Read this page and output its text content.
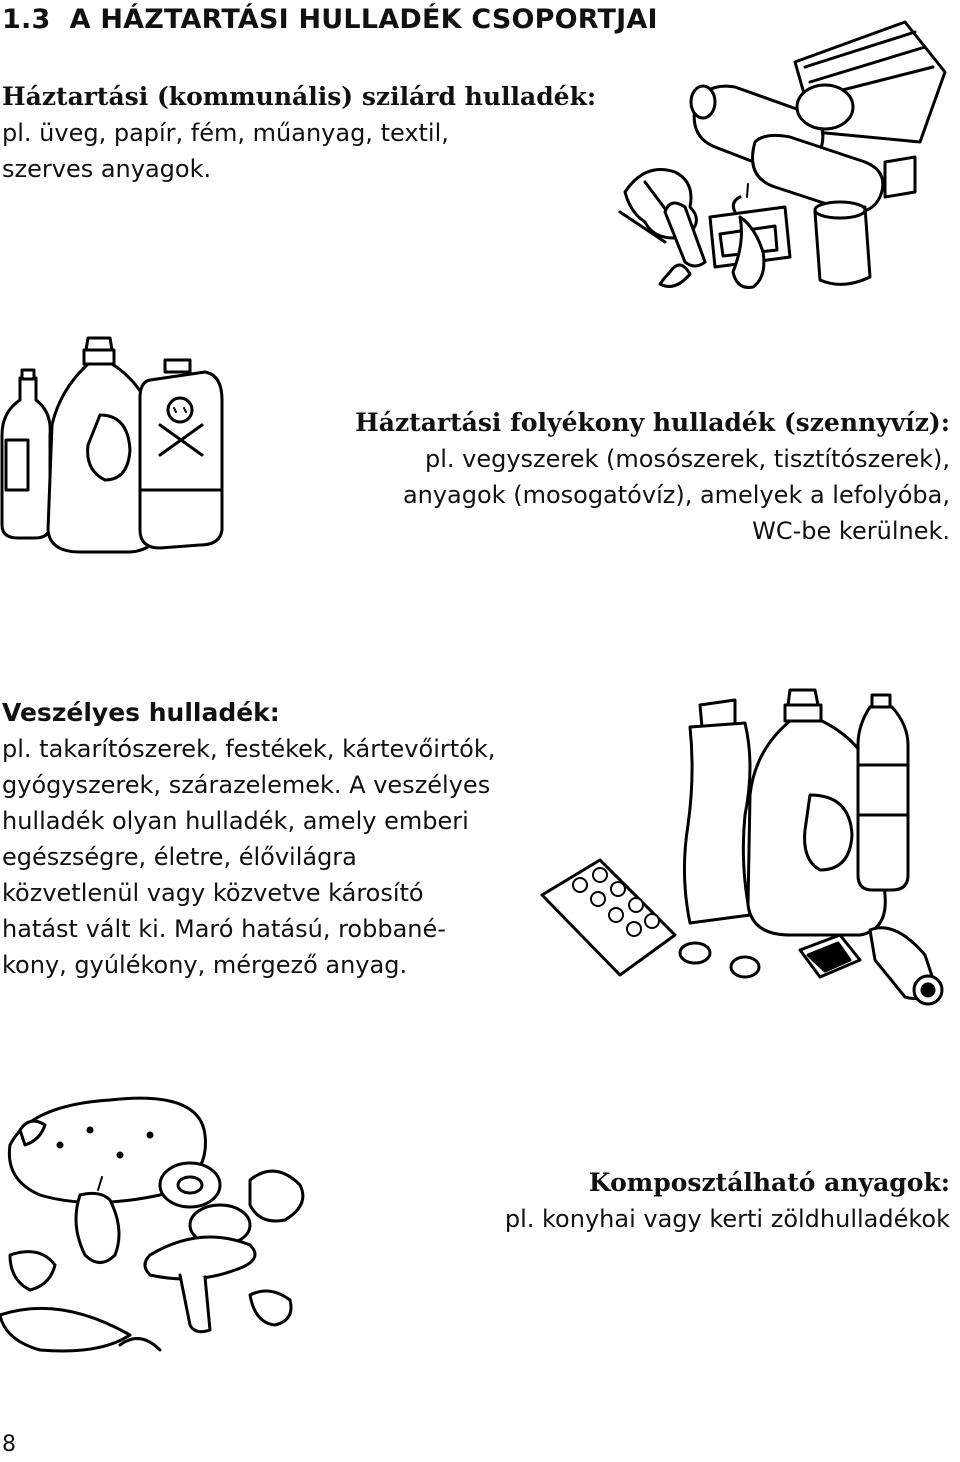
1.3 A HÁZTARTÁSI HULLADÉK CSOPORTJAI
Háztartási (kommunális) szilárd hulladék:
pl. üveg, papír, fém, műanyag, textil,
szerves anyagok.
Háztartási folyékony hulladék (szennyvíz):
pl. vegyszerek (mosószerek, tisztítószerek),
anyagok (mosogatóvíz), amelyek a lefolyóba,
WC-be kerülnek.
Veszélyes hulladék:
pl. takarítószerek, festékek, kártevőirtók,
gyógyszerek, szárazelemek. A veszélyes
hulladék olyan hulladék, amely emberi
egészségre, életre, élővilágra
közvetlenül vagy közvetve károsító
hatást vált ki. Maró hatású, robbané-
kony, gyúlékony, mérgező anyag.
Komposztálható anyagok:
pl. konyhai vagy kerti zöldhulladékok
8
